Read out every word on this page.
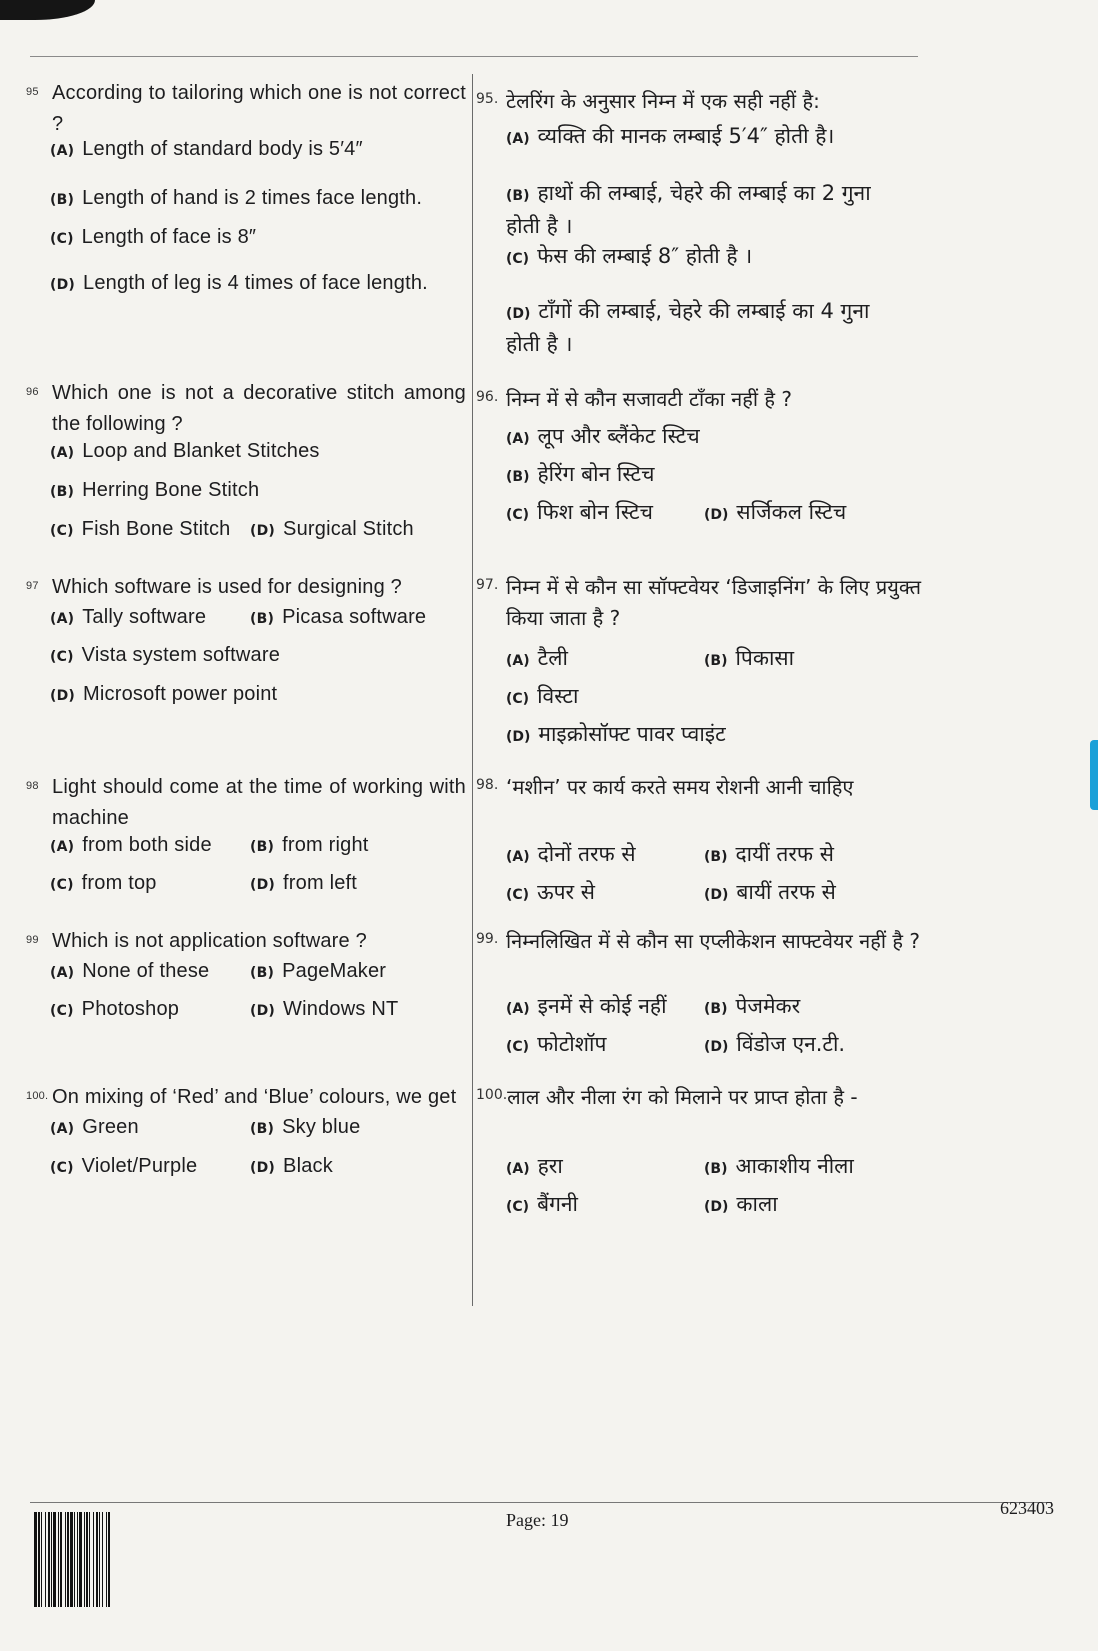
95 According to tailoring which one is not correct ?
(A) Length of standard body is 5′4″
(B) Length of hand is 2 times face length.
(C) Length of face is 8″
(D) Length of leg is 4 times of face length.
96 Which one is not a decorative stitch among the following ?
(A) Loop and Blanket Stitches
(B) Herring Bone Stitch
(C) Fish Bone Stitch (D) Surgical Stitch
97 Which software is used for designing ?
(A) Tally software	(B) Picasa software
(C) Vista system software
(D) Microsoft power point
98 Light should come at the time of working with machine
(A) from both side	(B) from right
(C) from top	(D) from left
99 Which is not application software ?
(A) None of these	(B) PageMaker
(C) Photoshop	(D) Windows NT
100. On mixing of ‘Red’ and ‘Blue’ colours, we get
(A) Green	(B) Sky blue
(C) Violet/Purple	(D) Black
95. टेलरिंग के अनुसार निम्न में एक सही नहीं है:
(A) व्यक्ति की मानक लम्बाई 5′4″ होती है।
(B) हाथों की लम्बाई, चेहरे की लम्बाई का 2 गुना होती है ।
(C) फेस की लम्बाई 8″ होती है ।
(D) टाँगों की लम्बाई, चेहरे की लम्बाई का 4 गुना होती है ।
96. निम्न में से कौन सजावटी टाँका नहीं है ?
(A) लूप और ब्लैंकेट स्टिच
(B) हेरिंग बोन स्टिच
(C) फिश बोन स्टिच	(D) सर्जिकल स्टिच
97. निम्न में से कौन सा सॉफ्टवेयर ‘डिजाइनिंग’ के लिए प्रयुक्त किया जाता है ?
(A) टैली	(B) पिकासा
(C) विस्टा
(D) माइक्रोसॉफ्ट पावर प्वाइंट
98. ‘मशीन’ पर कार्य करते समय रोशनी आनी चाहिए
(A) दोनों तरफ से	(B) दायीं तरफ से
(C) ऊपर से	(D) बायीं तरफ से
99. निम्नलिखित में से कौन सा एप्लीकेशन साफ्टवेयर नहीं है ?
(A) इनमें से कोई नहीं	(B) पेजमेकर
(C) फोटोशॉप	(D) विंडोज एन.टी.
100. लाल और नीला रंग को मिलाने पर प्राप्त होता है -
(A) हरा	(B) आकाशीय नीला
(C) बैंगनी	(D) काला
Page: 19
623403
